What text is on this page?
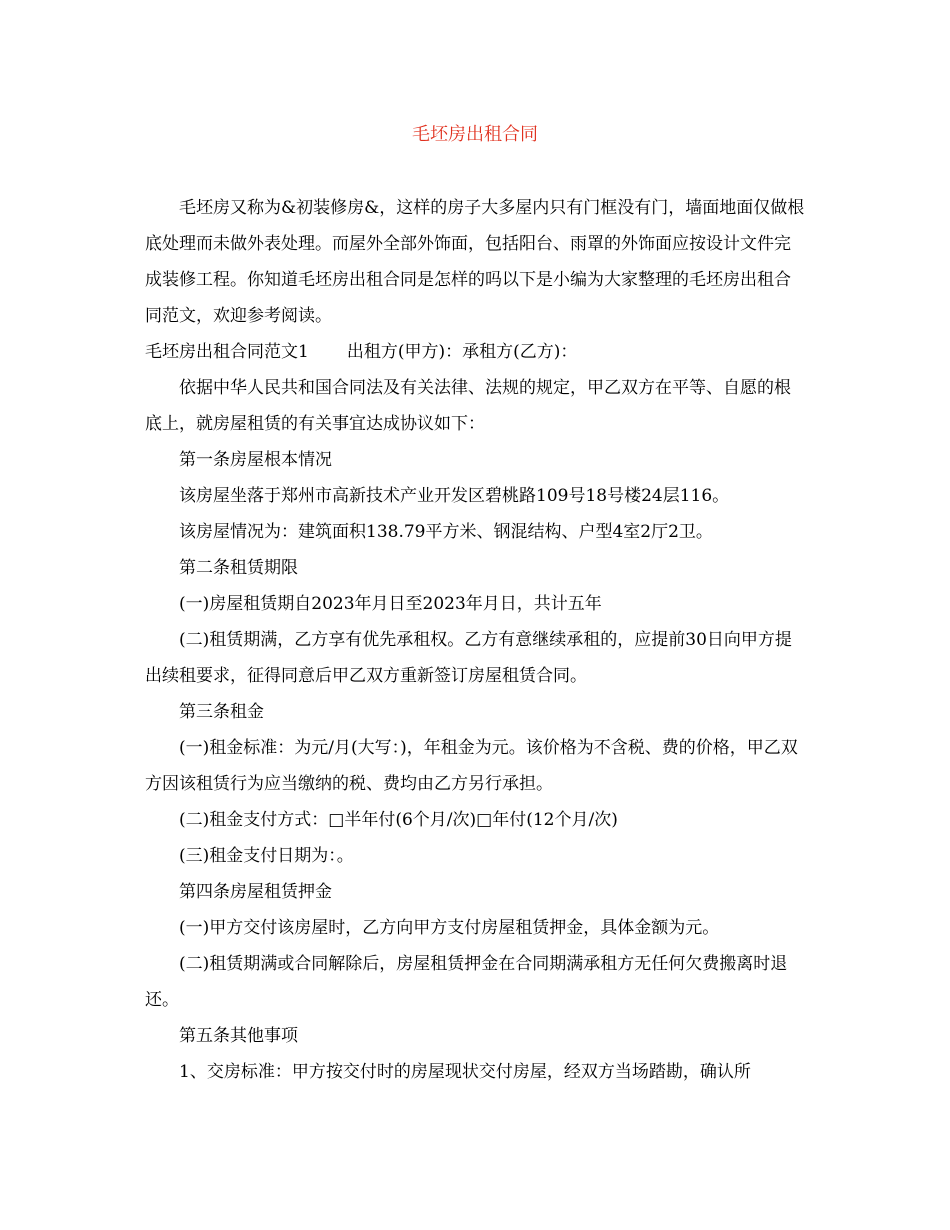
毛坯房出租合同

毛坯房又称为&初装修房&，这样的房子大多屋内只有门框没有门，墙面地面仅做根底处理而未做外表处理。而屋外全部外饰面，包括阳台、雨罩的外饰面应按设计文件完成装修工程。你知道毛坯房出租合同是怎样的吗以下是小编为大家整理的毛坯房出租合同范文，欢迎参考阅读。

毛坯房出租合同范文1 出租方(甲方)：承租方(乙方)：

依据中华人民共和国合同法及有关法律、法规的规定，甲乙双方在平等、自愿的根底上，就房屋租赁的有关事宜达成协议如下：

第一条房屋根本情况

该房屋坐落于郑州市高新技术产业开发区碧桃路109号18号楼24层116。

该房屋情况为：建筑面积138.79平方米、钢混结构、户型4室2厅2卫。

第二条租赁期限

(一)房屋租赁期自2023年月日至2023年月日，共计五年

(二)租赁期满，乙方享有优先承租权。乙方有意继续承租的，应提前30日向甲方提出续租要求，征得同意后甲乙双方重新签订房屋租赁合同。

第三条租金

(一)租金标准：为元/月(大写：)，年租金为元。该价格为不含税、费的价格，甲乙双方因该租赁行为应当缴纳的税、费均由乙方另行承担。

(二)租金支付方式：□半年付(6个月/次)□年付(12个月/次)

(三)租金支付日期为：。

第四条房屋租赁押金

(一)甲方交付该房屋时，乙方向甲方支付房屋租赁押金，具体金额为元。

(二)租赁期满或合同解除后，房屋租赁押金在合同期满承租方无任何欠费搬离时退还。

第五条其他事项

1、交房标准：甲方按交付时的房屋现状交付房屋，经双方当场踏勘，确认所
